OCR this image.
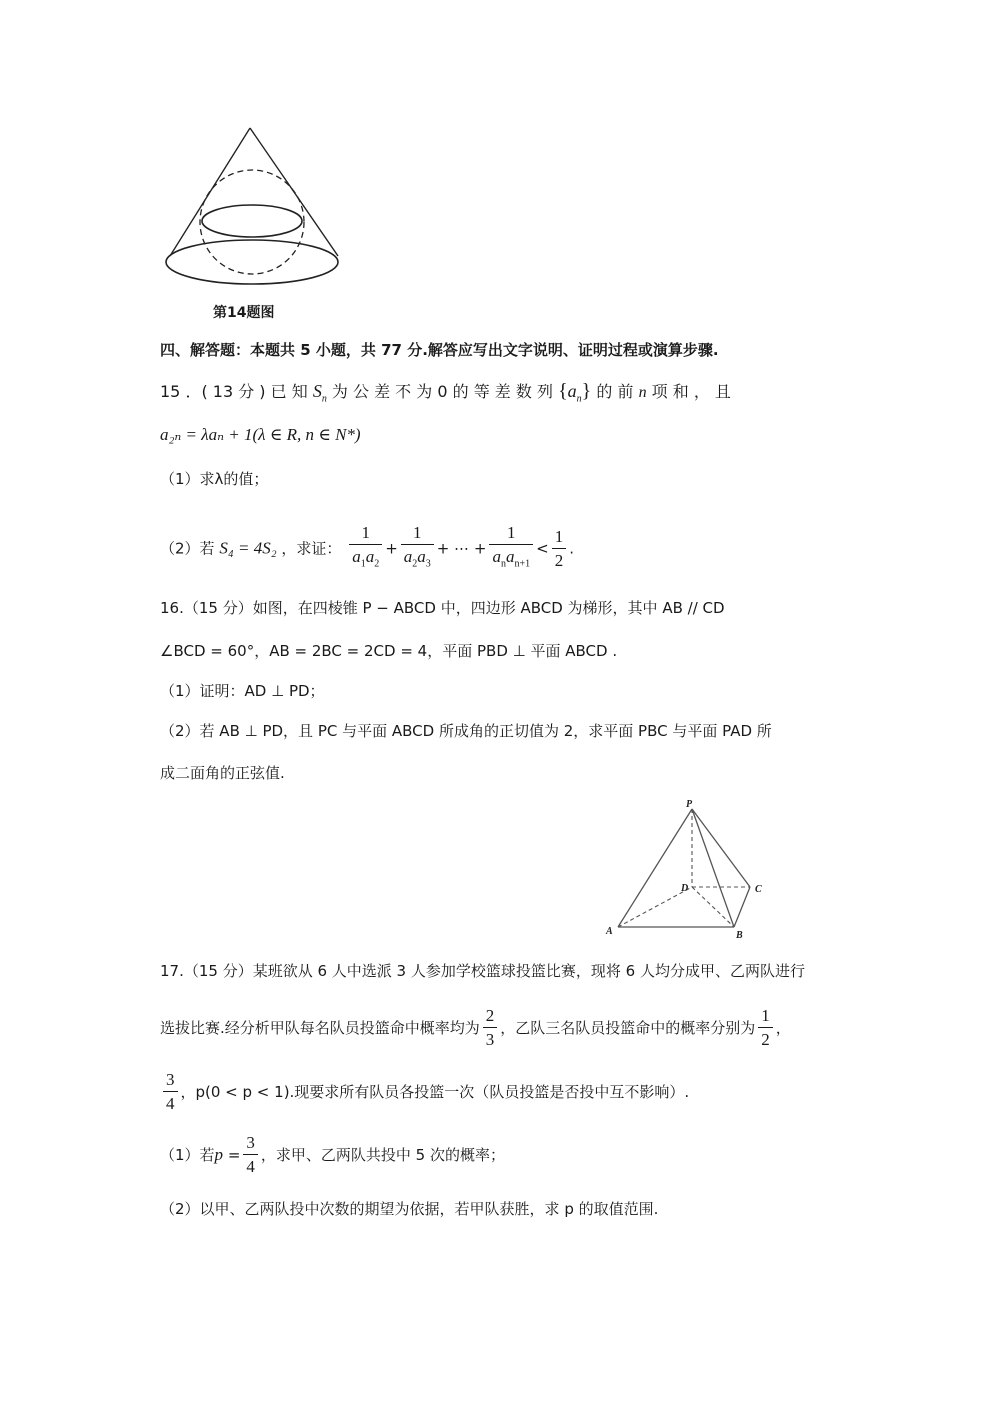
第14题图
四、解答题：本题共 5 小题，共 77 分.解答应写出文字说明、证明过程或演算步骤.
15 ．( 13 分 ) 已 知 $S_n$ 为 公 差 不 为 0 的 等 差 数 列 $\{a_n\}$ 的 前 n 项 和 ， 且
a₂ₙ = λaₙ + 1(λ ∈ R, n ∈ N*)
（1）求λ的值；
（2）若 S₄ = 4S₂ ，求证： $\frac{1}{a_1a_2} + \frac{1}{a_2a_3}$ + ⋯ + $\frac{1}{a_na_{n+1}} < \frac{1}{2}$ .
16.（15 分）如图，在四棱锥 P − ABCD 中，四边形 ABCD 为梯形，其中 AB // CD
∠BCD = 60°，AB = 2BC = 2CD = 4，平面 PBD ⊥ 平面 ABCD .
（1）证明：AD ⊥ PD；
（2）若 AB ⊥ PD，且 PC 与平面 ABCD 所成角的正切值为 2，求平面 PBC 与平面 PAD 所
成二面角的正弦值.
P
D	C
A	B
17.（15 分）某班欲从 6 人中选派 3 人参加学校篮球投篮比赛，现将 6 人均分成甲、乙两队进行
选拔比赛.经分析甲队每名队员投篮命中概率均为 $\frac{2}{3}$ ，乙队三名队员投篮命中的概率分别为 $\frac{1}{2}$ ，
$\frac{3}{4}$ ，p(0 < p < 1).现要求所有队员各投篮一次（队员投篮是否投中互不影响）.
（1）若$p = \frac{3}{4}$ ，求甲、乙两队共投中 5 次的概率；
（2）以甲、乙两队投中次数的期望为依据，若甲队获胜，求 p 的取值范围.
